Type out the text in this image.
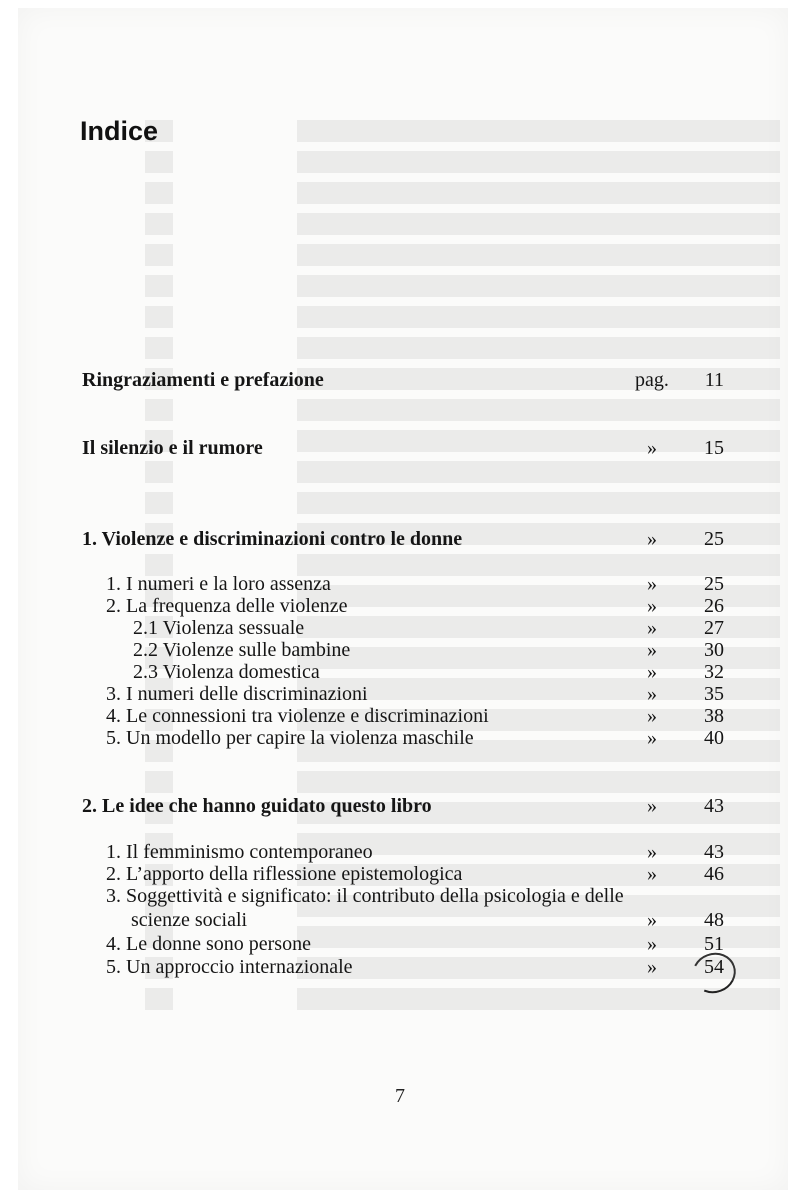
Indice
Ringraziamenti e prefazione	pag.	11
Il silenzio e il rumore	»	15
1. Violenze e discriminazioni contro le donne	»	25
1. I numeri e la loro assenza	»	25
2. La frequenza delle violenze	»	26
2.1 Violenza sessuale	»	27
2.2 Violenze sulle bambine	»	30
2.3 Violenza domestica	»	32
3. I numeri delle discriminazioni	»	35
4. Le connessioni tra violenze e discriminazioni	»	38
5. Un modello per capire la violenza maschile	»	40
2. Le idee che hanno guidato questo libro	»	43
1. Il femminismo contemporaneo	»	43
2. L’apporto della riflessione epistemologica	»	46
3. Soggettività e significato: il contributo della psicologia e delle
scienze sociali	»	48
4. Le donne sono persone	»	51
5. Un approccio internazionale	»	54
7
